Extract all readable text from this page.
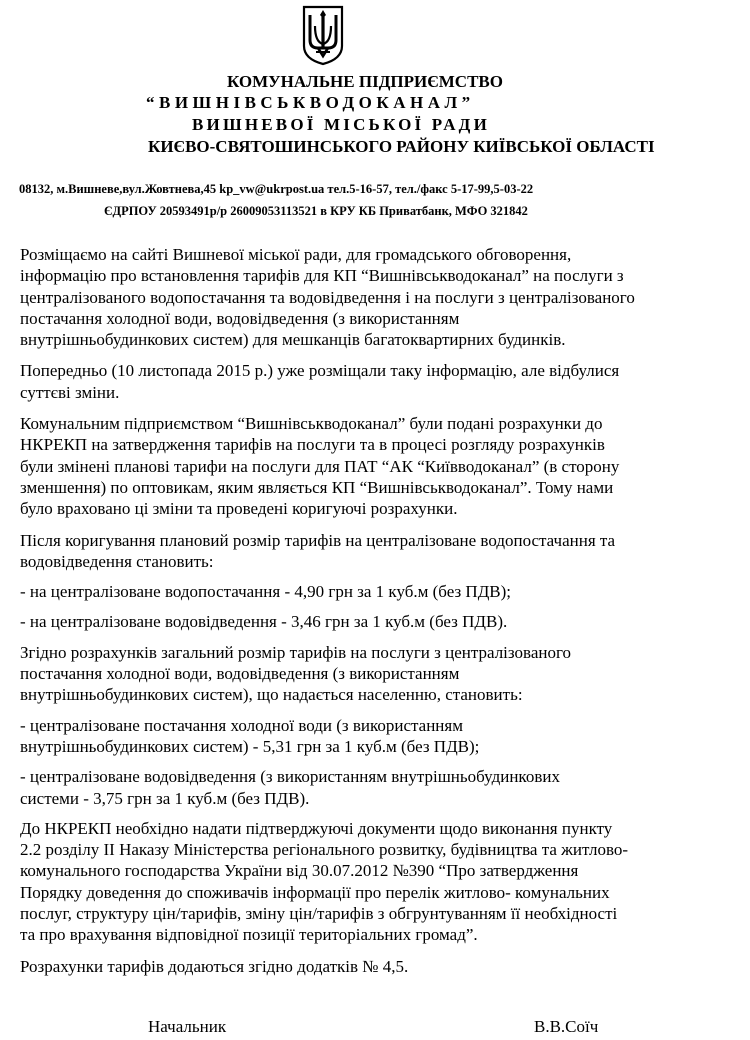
КОМУНАЛЬНЕ ПІДПРИЄМСТВО

“ВИШНІВСЬКВОДОКАНАЛ”

ВИШНЕВОЇ МІСЬКОЇ РАДИ

КИЄВО-СВЯТОШИНСЬКОГО РАЙОНУ КИЇВСЬКОЇ ОБЛАСТІ

08132, м.Вишневе,вул.Жовтнева,45 kp_vw@ukrpost.ua тел.5-16-57, тел./факс 5-17-99,5-03-22

ЄДРПОУ 20593491р/р 26009053113521 в КРУ КБ Приватбанк, МФО 321842

Розміщаємо на сайті Вишневої міської ради, для громадського обговорення,
інформацію про встановлення тарифів для КП “Вишнівськводоканал” на послуги з
централізованого водопостачання та водовідведення і на послуги з централізованого
постачання холодної води, водовідведення (з використанням
внутрішньобудинкових систем) для мешканців багатоквартирних будинків.

Попередньо (10 листопада 2015 р.) уже розміщали таку інформацію, але відбулися
суттєві зміни.

Комунальним підприємством “Вишнівськводоканал” були подані розрахунки до
НКРЕКП на затвердження тарифів на послуги та в процесі розгляду розрахунків
були змінені планові тарифи на послуги для ПАТ “АК “Київводоканал” (в сторону
зменшення) по оптовикам, яким являється КП “Вишнівськводоканал”. Тому нами
було враховано ці зміни та проведені коригуючі розрахунки.

Після коригування плановий розмір тарифів на централізоване водопостачання та
водовідведення становить:

- на централізоване водопостачання - 4,90 грн за 1 куб.м (без ПДВ);

- на централізоване водовідведення - 3,46 грн за 1 куб.м (без ПДВ).

Згідно розрахунків загальний розмір тарифів на послуги з централізованого
постачання холодної води, водовідведення (з використанням
внутрішньобудинкових систем), що надається населенню, становить:

- централізоване постачання холодної води (з використанням
внутрішньобудинкових систем) - 5,31 грн за 1 куб.м (без ПДВ);

- централізоване водовідведення (з використанням внутрішньобудинкових
системи - 3,75 грн за 1 куб.м (без ПДВ).

До НКРЕКП необхідно надати підтверджуючі документи щодо виконання пункту
2.2 розділу ІІ Наказу Міністерства регіонального розвитку, будівництва та житлово-
комунального господарства України від 30.07.2012 №390 “Про затвердження
Порядку доведення до споживачів інформації про перелік житлово- комунальних
послуг, структуру цін/тарифів, зміну цін/тарифів з обгрунтуванням її необхідності
та про врахування відповідної позиції територіальних громад”.

Розрахунки тарифів додаються згідно додатків № 4,5.

Начальник	В.В.Соїч
